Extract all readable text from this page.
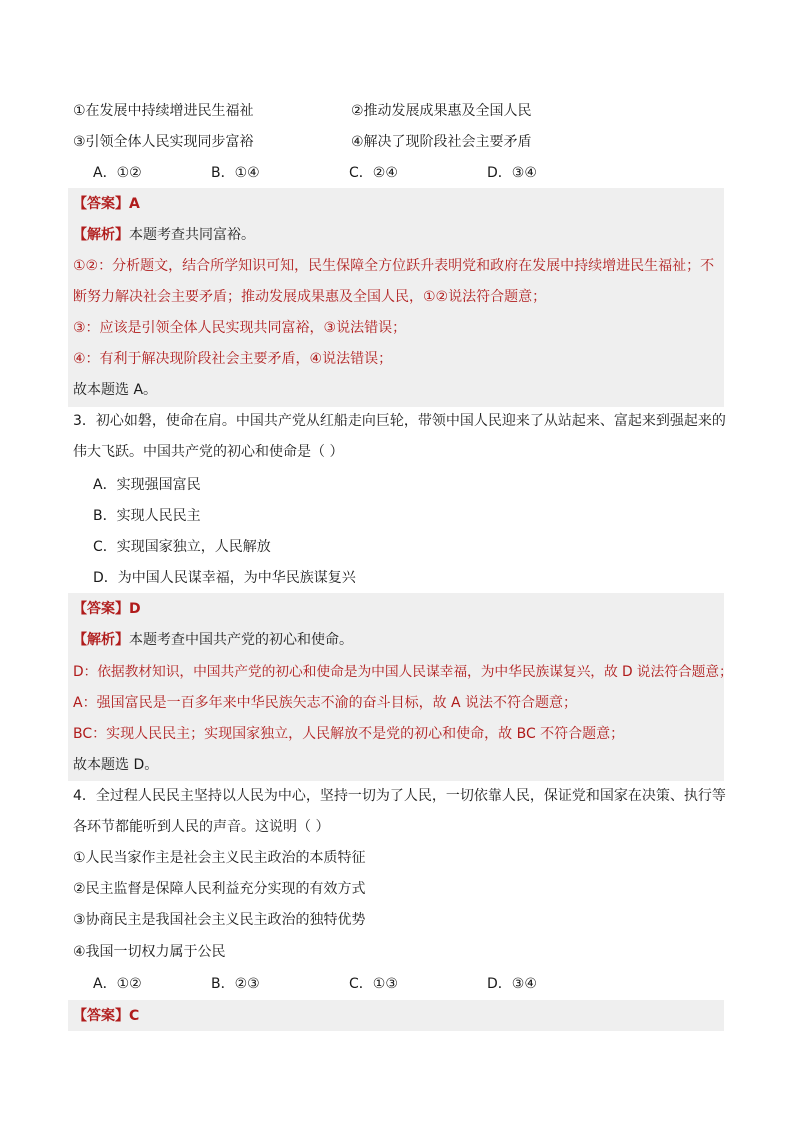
①在发展中持续增进民生福祉	②推动发展成果惠及全国人民
③引领全体人民实现同步富裕	④解决了现阶段社会主要矛盾
A．①②	B．①④	C．②④	D．③④
【答案】A
【解析】本题考查共同富裕。
①②：分析题文，结合所学知识可知，民生保障全方位跃升表明党和政府在发展中持续增进民生福祉；不
断努力解决社会主要矛盾；推动发展成果惠及全国人民，①②说法符合题意；
③：应该是引领全体人民实现共同富裕，③说法错误；
④：有利于解决现阶段社会主要矛盾，④说法错误；
故本题选 A。
3．初心如磐，使命在肩。中国共产党从红船走向巨轮，带领中国人民迎来了从站起来、富起来到强起来的
伟大飞跃。中国共产党的初心和使命是（ ）
A．实现强国富民
B．实现人民民主
C．实现国家独立，人民解放
D．为中国人民谋幸福，为中华民族谋复兴
【答案】D
【解析】本题考查中国共产党的初心和使命。
D：依据教材知识，中国共产党的初心和使命是为中国人民谋幸福，为中华民族谋复兴，故 D 说法符合题意；
A：强国富民是一百多年来中华民族矢志不渝的奋斗目标，故 A 说法不符合题意；
BC：实现人民民主；实现国家独立，人民解放不是党的初心和使命，故 BC 不符合题意；
故本题选 D。
4．全过程人民民主坚持以人民为中心，坚持一切为了人民，一切依靠人民，保证党和国家在决策、执行等
各环节都能听到人民的声音。这说明（ ）
①人民当家作主是社会主义民主政治的本质特征
②民主监督是保障人民利益充分实现的有效方式
③协商民主是我国社会主义民主政治的独特优势
④我国一切权力属于公民
A．①②	B．②③	C．①③	D．③④
【答案】C
